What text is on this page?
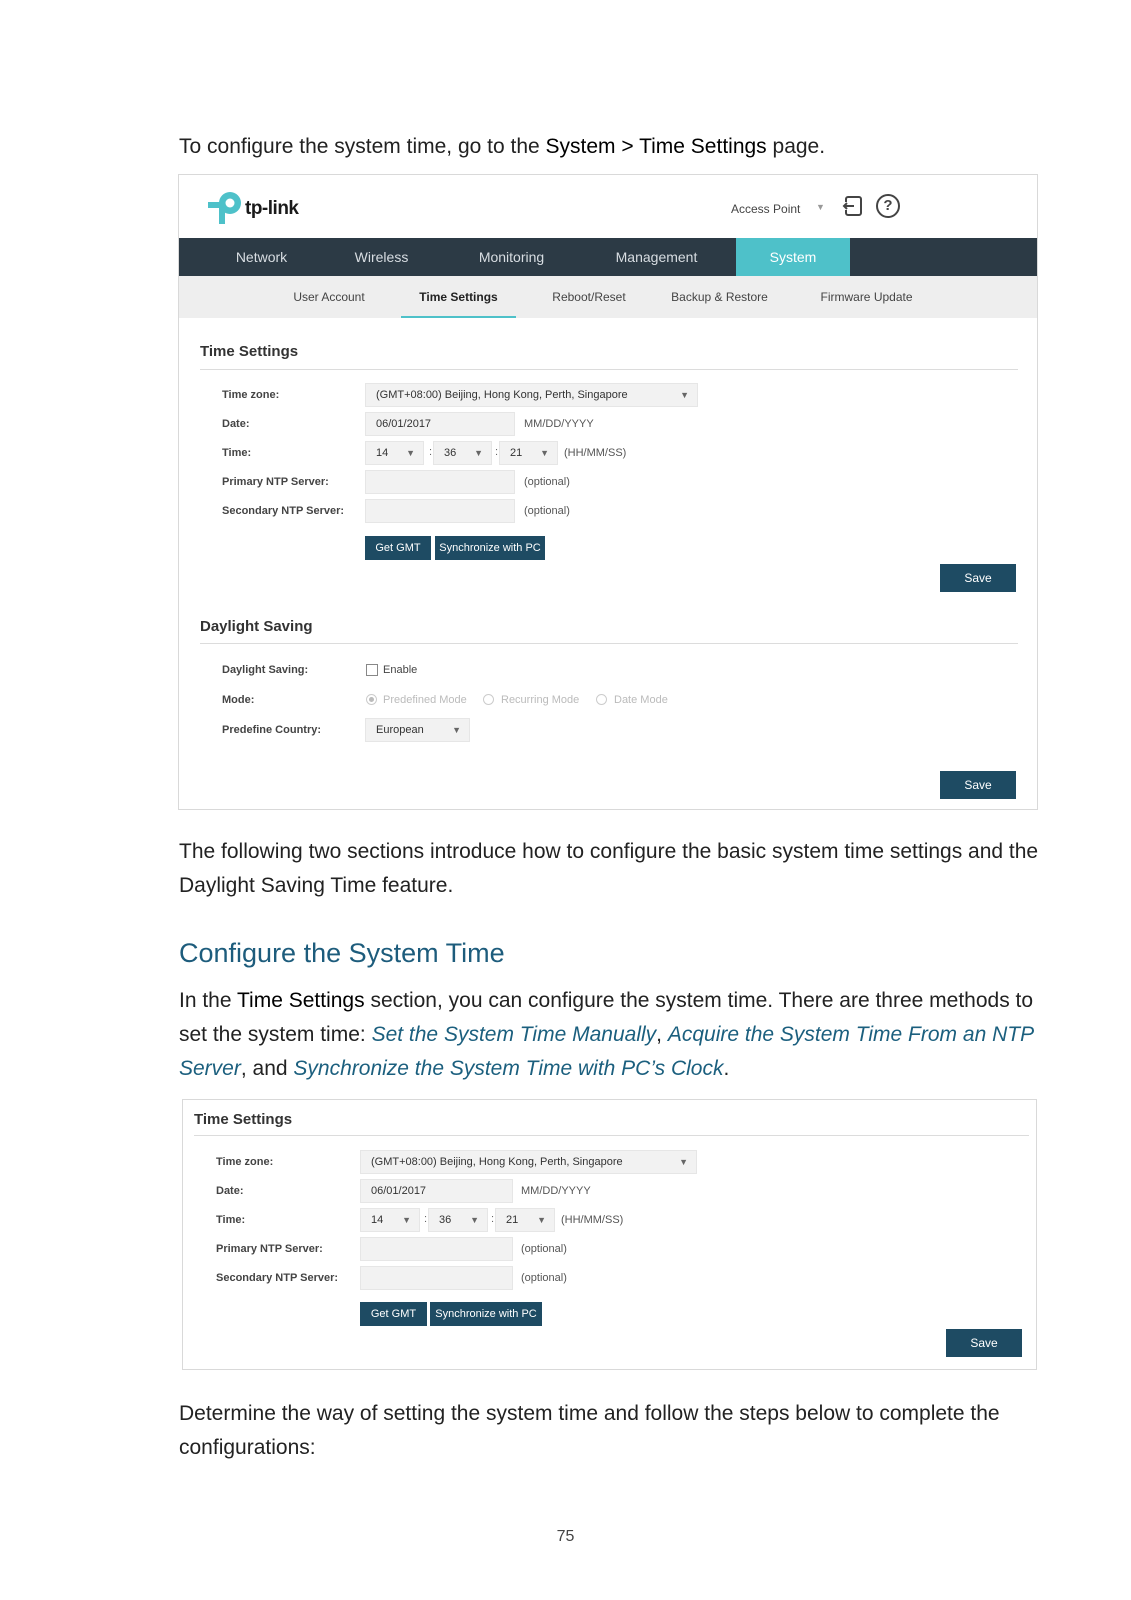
To configure the system time, go to the System > Time Settings page.
tp-link	Access Point ▼	?
Network	Wireless	Monitoring	Management	System
User Account	Time Settings	Reboot/Reset	Backup & Restore	Firmware Update
Time Settings
Time zone:	(GMT+08:00) Beijing, Hong Kong, Perth, Singapore	▼
Date:	06/01/2017	MM/DD/YYYY
Time:	14 ▼ :	36 ▼ :	21 ▼ (HH/MM/SS)
Primary NTP Server:	(optional)
Secondary NTP Server:	(optional)
Get GMT	Synchronize with PC
Save
Daylight Saving
Daylight Saving:	Enable
Mode:	Predefined Mode	Recurring Mode	Date Mode
Predefine Country:	European	▼
Save
The following two sections introduce how to configure the basic system time settings and the Daylight Saving Time feature.
Configure the System Time
In the Time Settings section, you can configure the system time. There are three methods to set the system time: Set the System Time Manually, Acquire the System Time From an NTP Server, and Synchronize the System Time with PC’s Clock.
Time Settings
Time zone:	(GMT+08:00) Beijing, Hong Kong, Perth, Singapore	▼
Date:	06/01/2017	MM/DD/YYYY
Time:	14 ▼ :	36 ▼ :	21 ▼ (HH/MM/SS)
Primary NTP Server:	(optional)
Secondary NTP Server:	(optional)
Get GMT	Synchronize with PC
Save
Determine the way of setting the system time and follow the steps below to complete the configurations:
75
